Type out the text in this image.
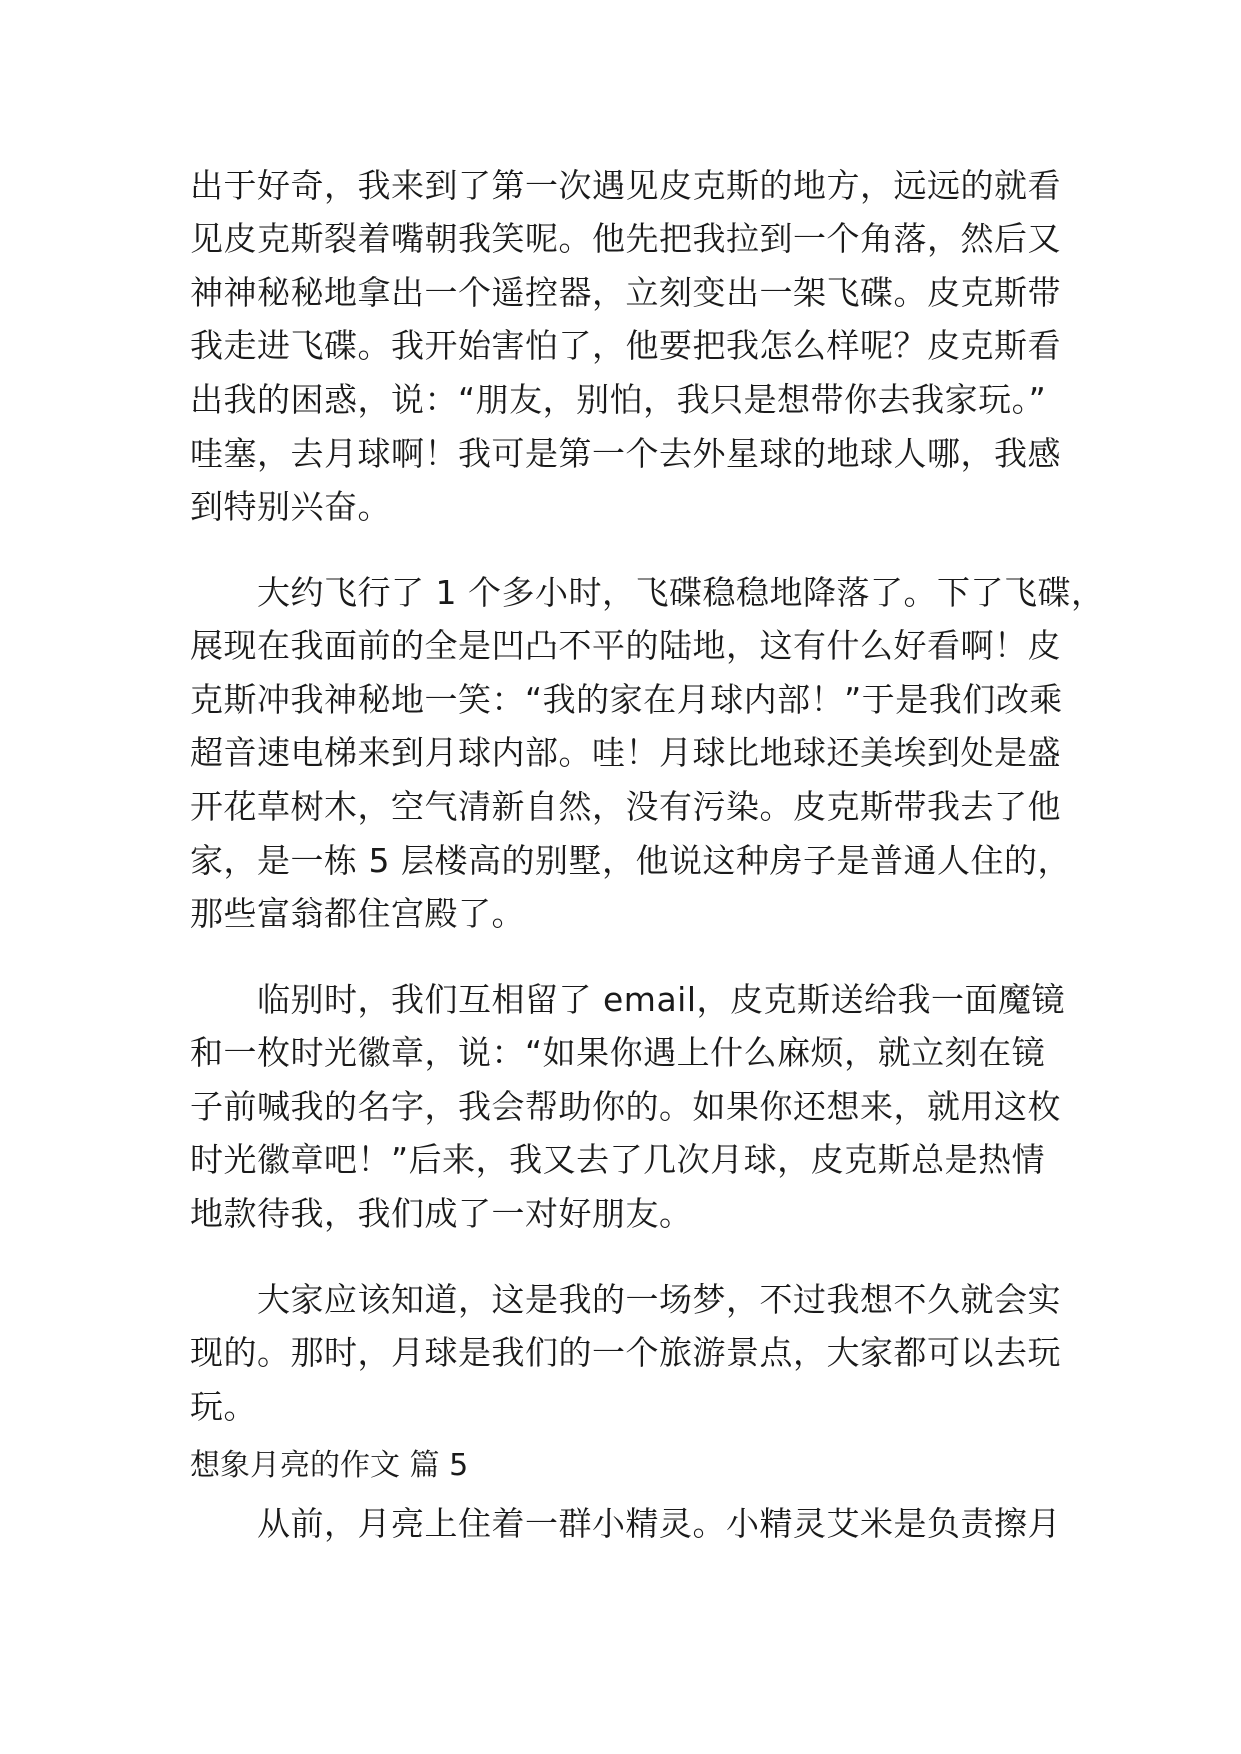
出于好奇，我来到了第一次遇见皮克斯的地方，远远的就看

见皮克斯裂着嘴朝我笑呢。他先把我拉到一个角落，然后又

神神秘秘地拿出一个遥控器，立刻变出一架飞碟。皮克斯带

我走进飞碟。我开始害怕了，他要把我怎么样呢？皮克斯看

出我的困惑，说：“朋友，别怕，我只是想带你去我家玩。”

哇塞，去月球啊！我可是第一个去外星球的地球人哪，我感

到特别兴奋。

大约飞行了 1 个多小时，飞碟稳稳地降落了。下了飞碟，

展现在我面前的全是凹凸不平的陆地，这有什么好看啊！皮

克斯冲我神秘地一笑：“我的家在月球内部！”于是我们改乘

超音速电梯来到月球内部。哇！月球比地球还美埃到处是盛

开花草树木，空气清新自然，没有污染。皮克斯带我去了他

家，是一栋 5 层楼高的别墅，他说这种房子是普通人住的，

那些富翁都住宫殿了。

临别时，我们互相留了 email，皮克斯送给我一面魔镜

和一枚时光徽章，说：“如果你遇上什么麻烦，就立刻在镜

子前喊我的名字，我会帮助你的。如果你还想来，就用这枚

时光徽章吧！”后来，我又去了几次月球，皮克斯总是热情

地款待我，我们成了一对好朋友。

大家应该知道，这是我的一场梦，不过我想不久就会实

现的。那时，月球是我们的一个旅游景点，大家都可以去玩

玩。

想象月亮的作文 篇 5

从前，月亮上住着一群小精灵。小精灵艾米是负责擦月
